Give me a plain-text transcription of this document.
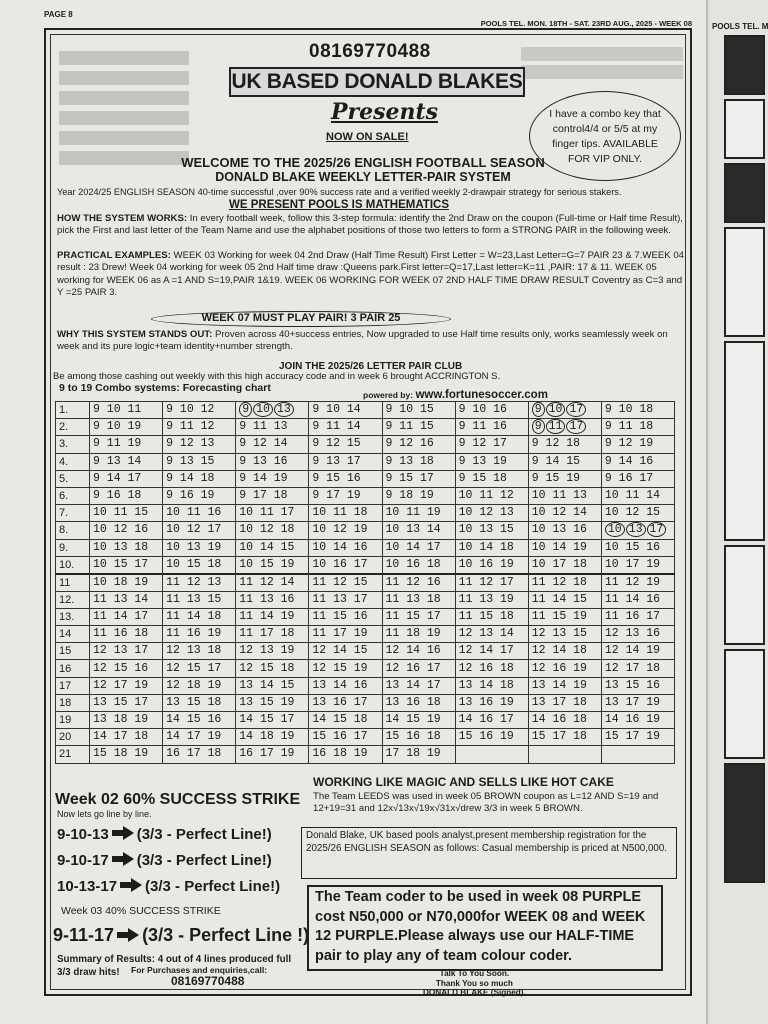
PAGE 8
POOLS TEL. MON. 18TH - SAT. 23RD AUG., 2025 - WEEK 08
08169770488
UK BASED DONALD BLAKES
Presents
NOW ON SALE!
I have a combo key that control4/4 or 5/5 at my finger tips. AVAILABLE FOR VIP ONLY.
WELCOME TO THE 2025/26 ENGLISH FOOTBALL SEASON
DONALD BLAKE WEEKLY LETTER-PAIR SYSTEM
Year 2024/25 ENGLISH SEASON 40-time successful ,over 90% success rate and a verified weekly 2-drawpair strategy for serious stakers.
WE PRESENT POOLS IS MATHEMATICS
HOW THE SYSTEM WORKS: In every football week, follow this 3-step formula: identify the 2nd Draw on the coupon (Full-time or Half time Result), pick the First and last letter of the Team Name and use the alphabet positions of those two letters to form a STRONG PAIR in the following week.
PRACTICAL EXAMPLES: WEEK 03 Working for week 04 2nd Draw (Half Time Result) First Letter = W=23,Last Letter=G=7 PAIR 23 & 7.WEEK 04 result : 23 Drew! Week 04 working for week 05 2nd Half time draw :Queens park.First letter=Q=17,Last letter=K=11 ,PAIR: 17 & 11. WEEK 05 working for WEEK 06 as A =1 AND S=19,PAIR 1&19. WEEK 06 WORKING FOR WEEK 07 2ND HALF TIME DRAW RESULT Coventry as C=3 and Y =25 PAIR 3.
WEEK 07 MUST PLAY PAIR! 3 PAIR 25
WHY THIS SYSTEM STANDS OUT: Proven across 40+success entries, Now upgraded to use Half time results only, works seamlessly week on week and its pure logic+team identity+number strength.
JOIN THE 2025/26 LETTER PAIR CLUB
Be among those cashing out weekly with this high accuracy code and in week 6 brought ACCRINGTON S.
9 to 19 Combo systems: Forecasting chart
powered by: www.fortunesoccer.com
1.	9 10 11	9 10 12	9 10 13	9 10 14	9 10 15	9 10 16	9 10 17	9 10 18
2.	9 10 19	9 11 12	9 11 13	9 11 14	9 11 15	9 11 16	9 11 17	9 11 18
3.	9 11 19	9 12 13	9 12 14	9 12 15	9 12 16	9 12 17	9 12 18	9 12 19
4.	9 13 14	9 13 15	9 13 16	9 13 17	9 13 18	9 13 19	9 14 15	9 14 16
5.	9 14 17	9 14 18	9 14 19	9 15 16	9 15 17	9 15 18	9 15 19	9 16 17
6.	9 16 18	9 16 19	9 17 18	9 17 19	9 18 19	10 11 12	10 11 13	10 11 14
7.	10 11 15	10 11 16	10 11 17	10 11 18	10 11 19	10 12 13	10 12 14	10 12 15
8.	10 12 16	10 12 17	10 12 18	10 12 19	10 13 14	10 13 15	10 13 16	10 13 17
9.	10 13 18	10 13 19	10 14 15	10 14 16	10 14 17	10 14 18	10 14 19	10 15 16
10.	10 15 17	10 15 18	10 15 19	10 16 17	10 16 18	10 16 19	10 17 18	10 17 19
11	10 18 19	11 12 13	11 12 14	11 12 15	11 12 16	11 12 17	11 12 18	11 12 19
12.	11 13 14	11 13 15	11 13 16	11 13 17	11 13 18	11 13 19	11 14 15	11 14 16
13.	11 14 17	11 14 18	11 14 19	11 15 16	11 15 17	11 15 18	11 15 19	11 16 17
14	11 16 18	11 16 19	11 17 18	11 17 19	11 18 19	12 13 14	12 13 15	12 13 16
15	12 13 17	12 13 18	12 13 19	12 14 15	12 14 16	12 14 17	12 14 18	12 14 19
16	12 15 16	12 15 17	12 15 18	12 15 19	12 16 17	12 16 18	12 16 19	12 17 18
17	12 17 19	12 18 19	13 14 15	13 14 16	13 14 17	13 14 18	13 14 19	13 15 16
18	13 15 17	13 15 18	13 15 19	13 16 17	13 16 18	13 16 19	13 17 18	13 17 19
19	13 18 19	14 15 16	14 15 17	14 15 18	14 15 19	14 16 17	14 16 18	14 16 19
20	14 17 18	14 17 19	14 18 19	15 16 17	15 16 18	15 16 19	15 17 18	15 17 19
21	15 18 19	16 17 18	16 17 19	16 18 19	17 18 19			
Week 02 60% SUCCESS STRIKE
Now lets go line by line.
9-10-13 (3/3 - Perfect Line!)
9-10-17 (3/3 - Perfect Line!)
10-13-17 (3/3 - Perfect Line!)
Week 03 40% SUCCESS STRIKE
9-11-17 (3/3 - Perfect Line !)
Summary of Results: 4 out of 4 lines produced full 3/3 draw hits!	For Purchases and enquiries,call:
08169770488
WORKING LIKE MAGIC AND SELLS LIKE HOT CAKE
The Team LEEDS was used in week 05 BROWN coupon as L=12 AND S=19 and 12+19=31 and 12x√13x√19x√31x√drew 3/3 in week 5 BROWN.
Donald Blake, UK based pools analyst,present membership registration for the 2025/26 ENGLISH SEASON as follows: Casual membership is priced at N500,000.
The Team coder to be used in week 08 PURPLE cost N50,000 or N70,000for WEEK 08 and WEEK 12 PURPLE.Please always use our HALF-TIME pair to play any of team colour coder.
Talk To You Soon.
Thank You so much
DONALD BLAKE (Signed).
POOLS TEL. M
